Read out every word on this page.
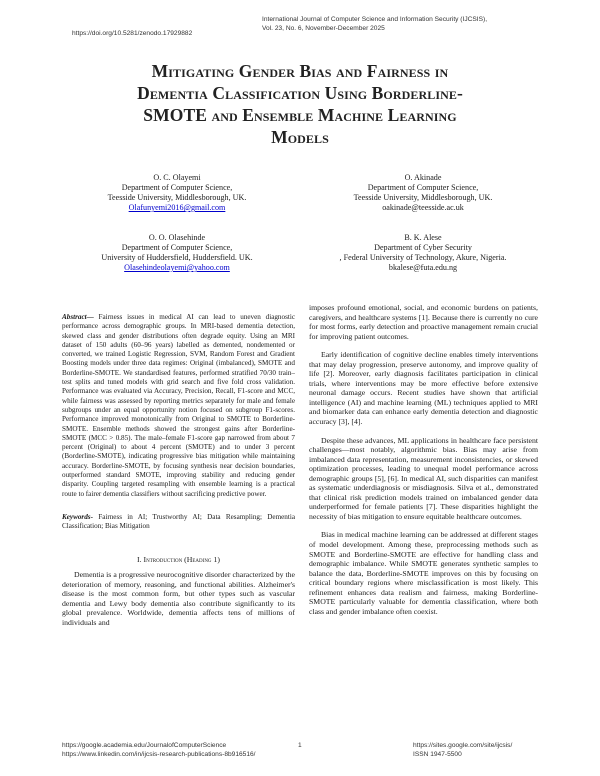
https://doi.org/10.5281/zenodo.17929882
International Journal of Computer Science and Information Security (IJCSIS),
Vol. 23, No. 6, November-December 2025
Mitigating Gender Bias and Fairness in
Dementia Classification Using Borderline-
SMOTE and Ensemble Machine Learning
Models
O. C. Olayemi
Department of Computer Science,
Teesside University, Middlesborough, UK.
Olafunyemi2016@gmail.com
O. Akinade
Department of Computer Science,
Teesside University, Middlesborough, UK.
oakinade@teesside.ac.uk
O. O. Olasehinde
Department of Computer Science,
University of Huddersfield, Huddersfield. UK.
Olasehindeolayemi@yahoo.com
B. K. Alese
Department of Cyber Security
, Federal University of Technology, Akure, Nigeria.
bkalese@futa.edu.ng

Abstract— Fairness issues in medical AI can lead to uneven diagnostic performance across demographic groups. In MRI-based dementia detection, skewed class and gender distributions often degrade equity. Using an MRI dataset of 150 adults (60–96 years) labelled as demented, nondemented or converted, we trained Logistic Regression, SVM, Random Forest and Gradient Boosting models under three data regimes: Original (imbalanced), SMOTE and Borderline-SMOTE. We standardised features, performed stratified 70/30 train–test splits and tuned models with grid search and five fold cross validation. Performance was evaluated via Accuracy, Precision, Recall, F1-score and MCC, while fairness was assessed by reporting metrics separately for male and female subgroups under an equal opportunity notion focused on subgroup F1-scores. Performance improved monotonically from Original to SMOTE to Borderline-SMOTE. Ensemble methods showed the strongest gains after Borderline-SMOTE (MCC > 0.85). The male–female F1-score gap narrowed from about 7 percent (Original) to about 4 percent (SMOTE) and to under 3 percent (Borderline-SMOTE), indicating progressive bias mitigation while maintaining accuracy. Borderline-SMOTE, by focusing synthesis near decision boundaries, outperformed standard SMOTE, improving stability and reducing gender disparity. Coupling targeted resampling with ensemble learning is a practical route to fairer dementia classifiers without sacrificing predictive power.

Keywords- Fairness in AI; Trustworthy AI; Data Resampling; Dementia Classification; Bias Mitigation

I. Introduction (Heading 1)

Dementia is a progressive neurocognitive disorder characterized by the deterioration of memory, reasoning, and functional abilities. Alzheimer's disease is the most common form, but other types such as vascular dementia and Lewy body dementia also contribute significantly to its global prevalence. Worldwide, dementia affects tens of millions of individuals and

imposes profound emotional, social, and economic burdens on patients, caregivers, and healthcare systems [1]. Because there is currently no cure for most forms, early detection and proactive management remain crucial for improving patient outcomes.

Early identification of cognitive decline enables timely interventions that may delay progression, preserve autonomy, and improve quality of life [2]. Moreover, early diagnosis facilitates participation in clinical trials, where interventions may be more effective before extensive neuronal damage occurs. Recent studies have shown that artificial intelligence (AI) and machine learning (ML) techniques applied to MRI and biomarker data can enhance early dementia detection and diagnostic accuracy [3], [4].

Despite these advances, ML applications in healthcare face persistent challenges—most notably, algorithmic bias. Bias may arise from imbalanced data representation, measurement inconsistencies, or skewed optimization processes, leading to unequal model performance across demographic groups [5], [6]. In medical AI, such disparities can manifest as systematic underdiagnosis or misdiagnosis. Silva et al., demonstrated that clinical risk prediction models trained on imbalanced gender data underperformed for female patients [7]. These disparities highlight the necessity of bias mitigation to ensure equitable healthcare outcomes.

Bias in medical machine learning can be addressed at different stages of model development. Among these, preprocessing methods such as SMOTE and Borderline-SMOTE are effective for handling class and demographic imbalance. While SMOTE generates synthetic samples to balance the data, Borderline-SMOTE improves on this by focusing on critical boundary regions where misclassification is most likely. This refinement enhances data realism and fairness, making Borderline-SMOTE particularly valuable for dementia classification, where both class and gender imbalance often coexist.

https://google.academia.edu/JournalofComputerScience
https://www.linkedin.com/in/ijcsis-research-publications-8b916516/
1	https://sites.google.com/site/ijcsis/
ISSN 1947-5500
